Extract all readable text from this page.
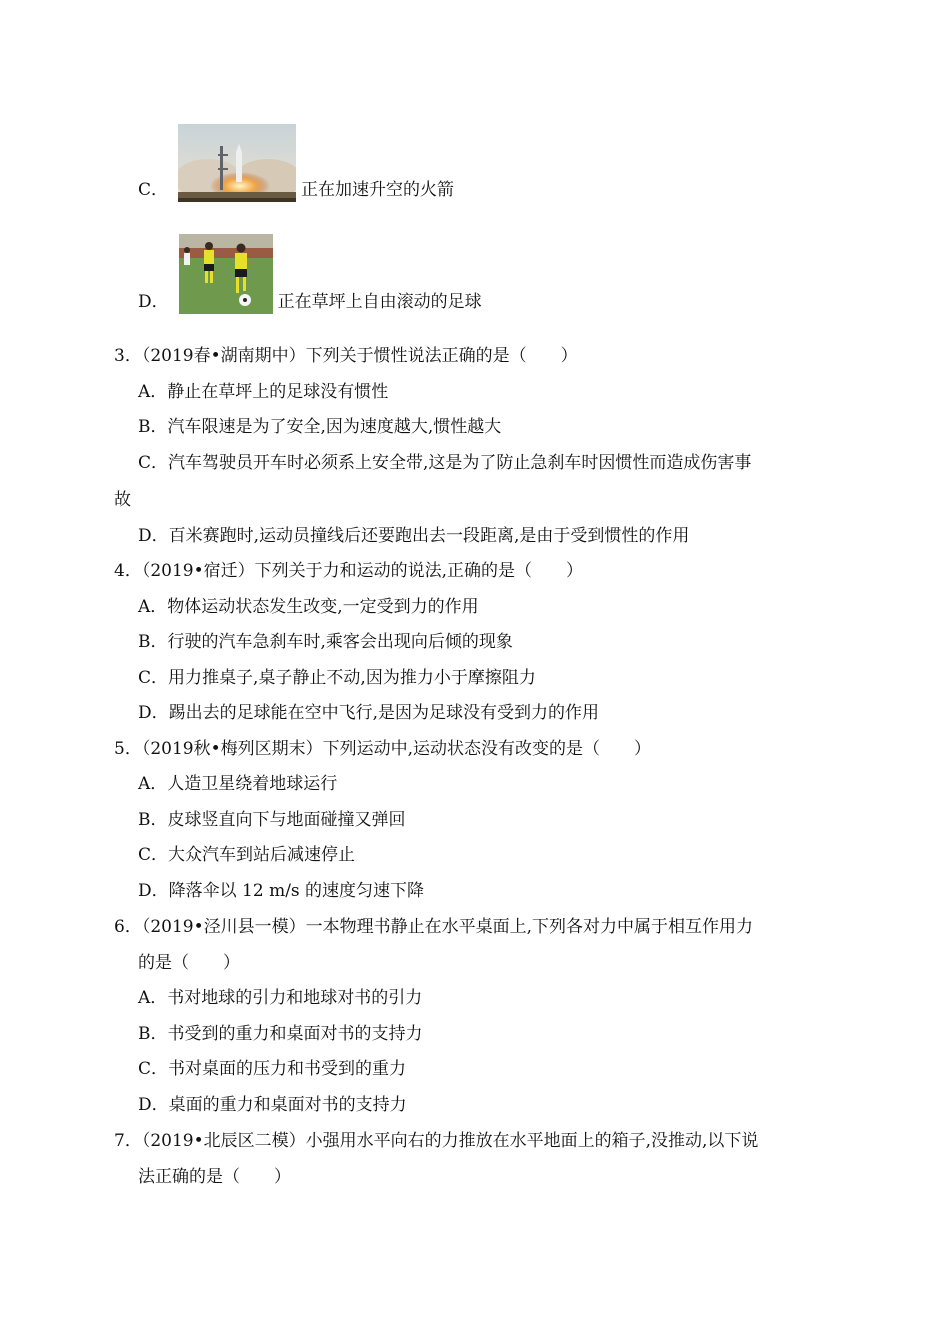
C．	正在加速升空的火箭
D．	正在草坪上自由滚动的足球
3．（2019春•湖南期中）下列关于惯性说法正确的是（　　）
A．静止在草坪上的足球没有惯性
B．汽车限速是为了安全,因为速度越大,惯性越大
C．汽车驾驶员开车时必须系上安全带,这是为了防止急刹车时因惯性而造成伤害事
故
D．百米赛跑时,运动员撞线后还要跑出去一段距离,是由于受到惯性的作用
4．（2019•宿迁）下列关于力和运动的说法,正确的是（　　）
A．物体运动状态发生改变,一定受到力的作用
B．行驶的汽车急刹车时,乘客会出现向后倾的现象
C．用力推桌子,桌子静止不动,因为推力小于摩擦阻力
D．踢出去的足球能在空中飞行,是因为足球没有受到力的作用
5．（2019秋•梅列区期末）下列运动中,运动状态没有改变的是（　　）
A．人造卫星绕着地球运行
B．皮球竖直向下与地面碰撞又弹回
C．大众汽车到站后减速停止
D．降落伞以 12 m/s 的速度匀速下降
6．（2019•泾川县一模）一本物理书静止在水平桌面上,下列各对力中属于相互作用力
的是（　　）
A．书对地球的引力和地球对书的引力
B．书受到的重力和桌面对书的支持力
C．书对桌面的压力和书受到的重力
D．桌面的重力和桌面对书的支持力
7．（2019•北辰区二模）小强用水平向右的力推放在水平地面上的箱子,没推动,以下说
法正确的是（　　）
